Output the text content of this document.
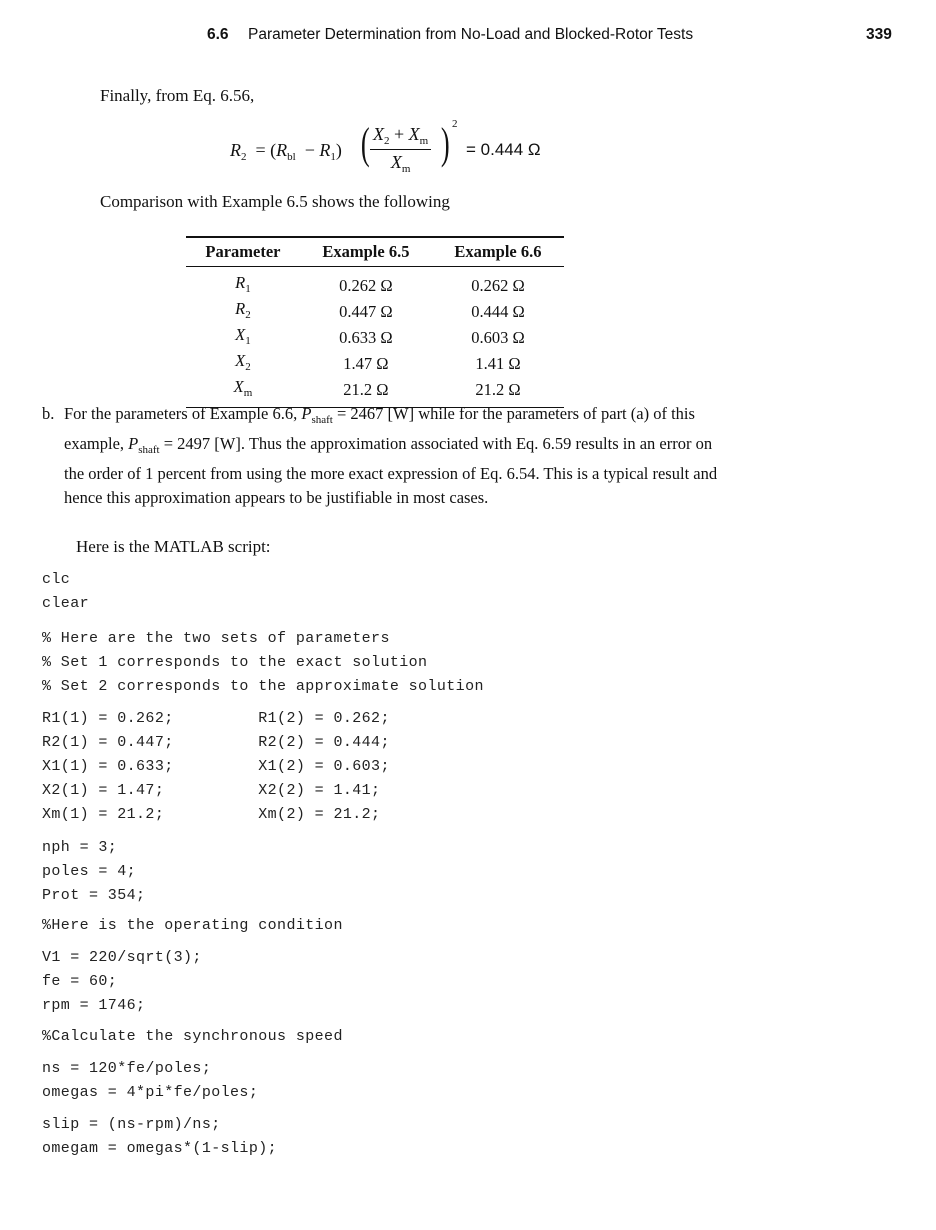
6.6 Parameter Determination from No-Load and Blocked-Rotor Tests	339
Finally, from Eq. 6.56,
$R_2 = (R_{bl} - R_1)$ ( $X_2 + X_m$
$X_m$
) 2
= 0.444 Ω
Comparison with Example 6.5 shows the following
Parameter	Example 6.5	Example 6.6
$R_1$	0.262 Ω	0.262 Ω
$R_2$	0.447 Ω	0.444 Ω
$X_1$	0.633 Ω	0.603 Ω
$X_2$	1.47 Ω	1.41 Ω
$X_m$	21.2 Ω	21.2 Ω
b. For the parameters of Example 6.6, $P_{shaft} = 2467$ [W] while for the parameters of part (a) of this example, $P_{shaft} = 2497$ [W]. Thus the approximation associated with Eq. 6.59 results in an error on the order of 1 percent from using the more exact expression of Eq. 6.54. This is a typical result and hence this approximation appears to be justifiable in most cases.
Here is the MATLAB script:
clc
clear
% Here are the two sets of parameters
% Set 1 corresponds to the exact solution
% Set 2 corresponds to the approximate solution
R1(1) = 0.262;         R1(2) = 0.262;
R2(1) = 0.447;         R2(2) = 0.444;
X1(1) = 0.633;         X1(2) = 0.603;
X2(1) = 1.47;          X2(2) = 1.41;
Xm(1) = 21.2;          Xm(2) = 21.2;
nph = 3;
poles = 4;
Prot = 354;
%Here is the operating condition
V1 = 220/sqrt(3);
fe = 60;
rpm = 1746;
%Calculate the synchronous speed
ns = 120*fe/poles;
omegas = 4*pi*fe/poles;
slip = (ns-rpm)/ns;
omegam = omegas*(1-slip);
